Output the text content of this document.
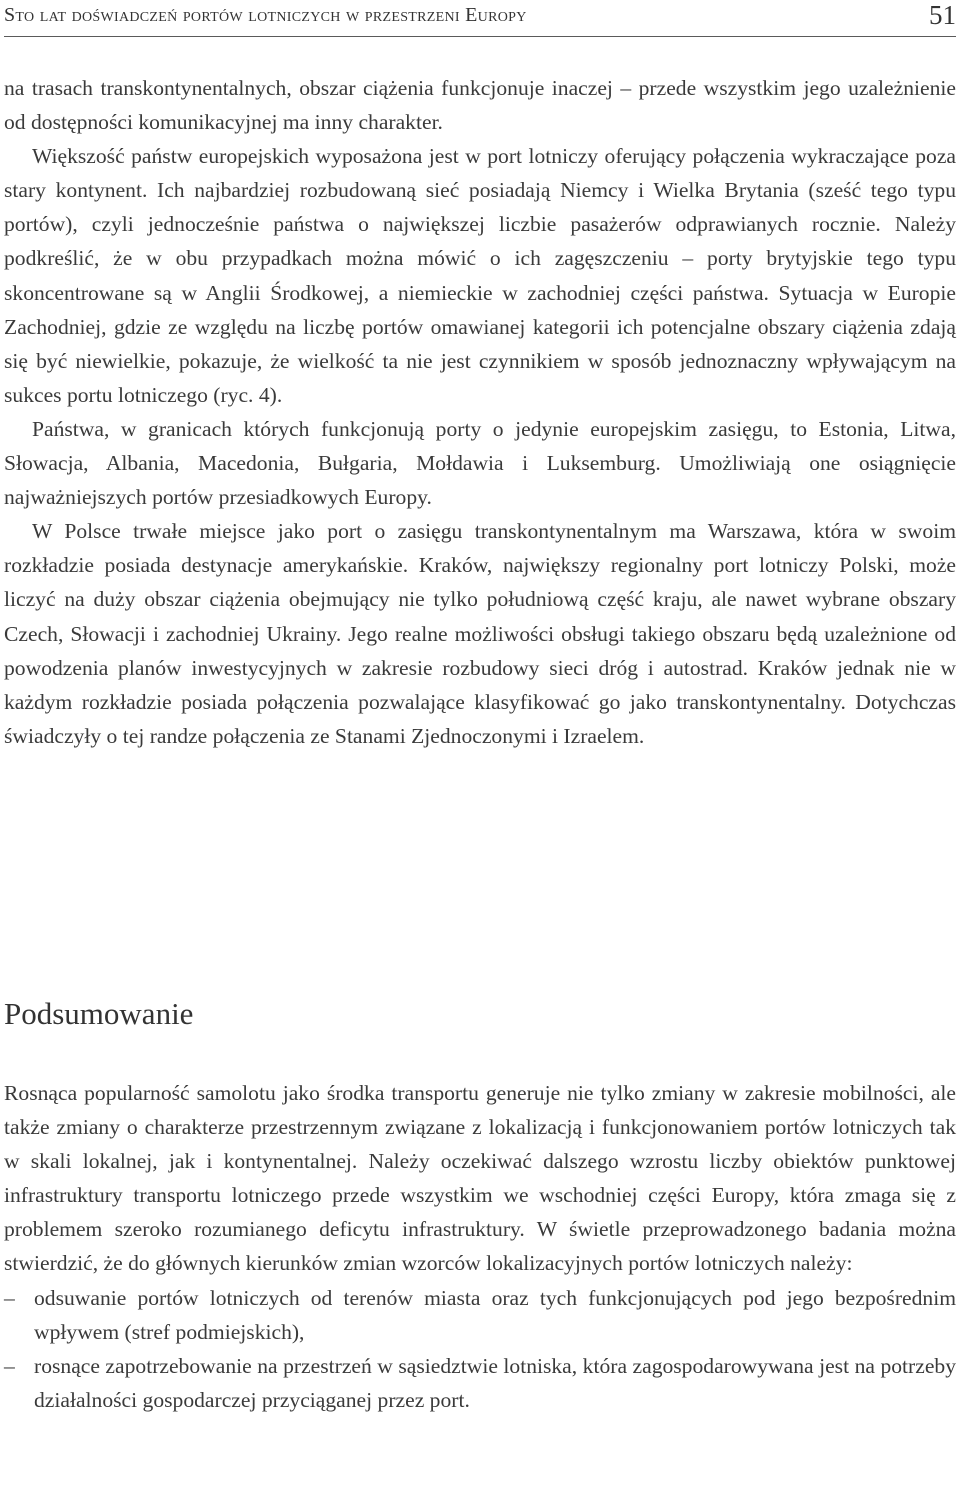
Sto lat doświadczeń portów lotniczych w przestrzeni Europy	51

na trasach transkontynentalnych, obszar ciążenia funkcjonuje inaczej – przede wszystkim jego uzależnienie od dostępności komunikacyjnej ma inny charakter.

Większość państw europejskich wyposażona jest w port lotniczy oferujący połączenia wykraczające poza stary kontynent. Ich najbardziej rozbudowaną sieć posiadają Niemcy i Wielka Brytania (sześć tego typu portów), czyli jednocześnie państwa o największej liczbie pasażerów odprawianych rocznie. Należy podkreślić, że w obu przypadkach można mówić o ich zagęszczeniu – porty brytyjskie tego typu skoncentrowane są w Anglii Środkowej, a niemieckie w zachodniej części państwa. Sytuacja w Europie Zachodniej, gdzie ze względu na liczbę portów omawianej kategorii ich potencjalne obszary ciążenia zdają się być niewielkie, pokazuje, że wielkość ta nie jest czynnikiem w sposób jednoznaczny wpływającym na sukces portu lotniczego (ryc. 4).

Państwa, w granicach których funkcjonują porty o jedynie europejskim zasięgu, to Estonia, Litwa, Słowacja, Albania, Macedonia, Bułgaria, Mołdawia i Luksemburg. Umożliwiają one osiągnięcie najważniejszych portów przesiadkowych Europy.

W Polsce trwałe miejsce jako port o zasięgu transkontynentalnym ma Warszawa, która w swoim rozkładzie posiada destynacje amerykańskie. Kraków, największy regionalny port lotniczy Polski, może liczyć na duży obszar ciążenia obejmujący nie tylko południową część kraju, ale nawet wybrane obszary Czech, Słowacji i zachodniej Ukrainy. Jego realne możliwości obsługi takiego obszaru będą uzależnione od powodzenia planów inwestycyjnych w zakresie rozbudowy sieci dróg i autostrad. Kraków jednak nie w każdym rozkładzie posiada połączenia pozwalające klasyfikować go jako transkontynentalny. Dotychczas świadczyły o tej randze połączenia ze Stanami Zjednoczonymi i Izraelem.

Podsumowanie

Rosnąca popularność samolotu jako środka transportu generuje nie tylko zmiany w zakresie mobilności, ale także zmiany o charakterze przestrzennym związane z lokalizacją i funkcjonowaniem portów lotniczych tak w skali lokalnej, jak i kontynentalnej. Należy oczekiwać dalszego wzrostu liczby obiektów punktowej infrastruktury transportu lotniczego przede wszystkim we wschodniej części Europy, która zmaga się z problemem szeroko rozumianego deficytu infrastruktury. W świetle przeprowadzonego badania można stwierdzić, że do głównych kierunków zmian wzorców lokalizacyjnych portów lotniczych należy:

– odsuwanie portów lotniczych od terenów miasta oraz tych funkcjonujących pod jego bezpośrednim wpływem (stref podmiejskich),
– rosnące zapotrzebowanie na przestrzeń w sąsiedztwie lotniska, która zagospodarowywana jest na potrzeby działalności gospodarczej przyciąganej przez port.
